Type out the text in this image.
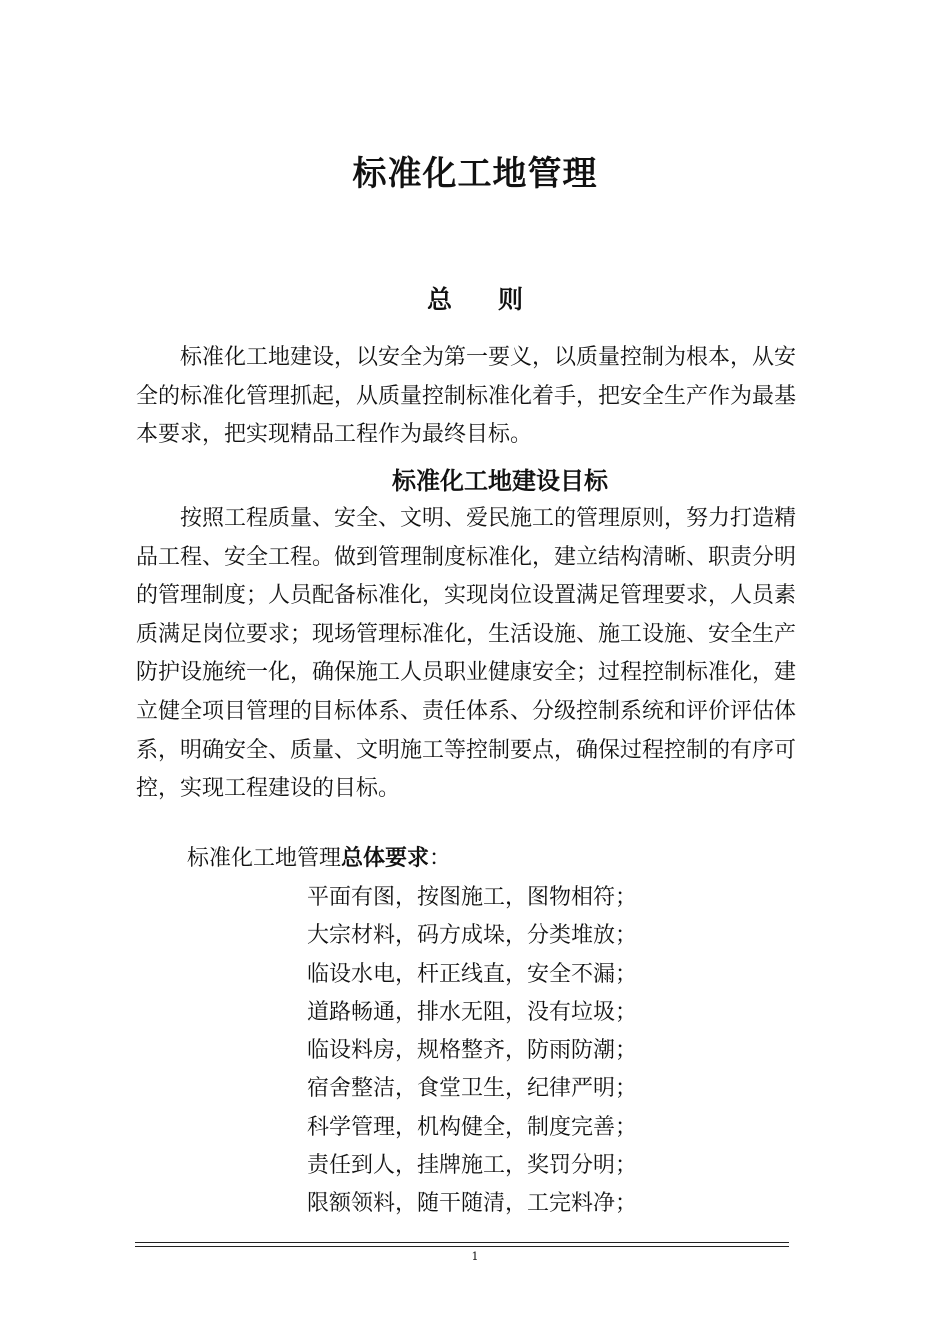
标准化工地管理
总 则
标准化工地建设，以安全为第一要义，以质量控制为根本，从安
全的标准化管理抓起，从质量控制标准化着手，把安全生产作为最基
本要求，把实现精品工程作为最终目标。
标准化工地建设目标
按照工程质量、安全、文明、爱民施工的管理原则，努力打造精
品工程、安全工程。做到管理制度标准化，建立结构清晰、职责分明
的管理制度；人员配备标准化，实现岗位设置满足管理要求，人员素
质满足岗位要求；现场管理标准化，生活设施、施工设施、安全生产
防护设施统一化，确保施工人员职业健康安全；过程控制标准化，建
立健全项目管理的目标体系、责任体系、分级控制系统和评价评估体
系，明确安全、质量、文明施工等控制要点，确保过程控制的有序可
控，实现工程建设的目标。
标准化工地管理总体要求：
平面有图，按图施工，图物相符；
大宗材料，码方成垛，分类堆放；
临设水电，杆正线直，安全不漏；
道路畅通，排水无阻，没有垃圾；
临设料房，规格整齐，防雨防潮；
宿舍整洁，食堂卫生，纪律严明；
科学管理，机构健全，制度完善；
责任到人，挂牌施工，奖罚分明；
限额领料，随干随清，工完料净；
1
